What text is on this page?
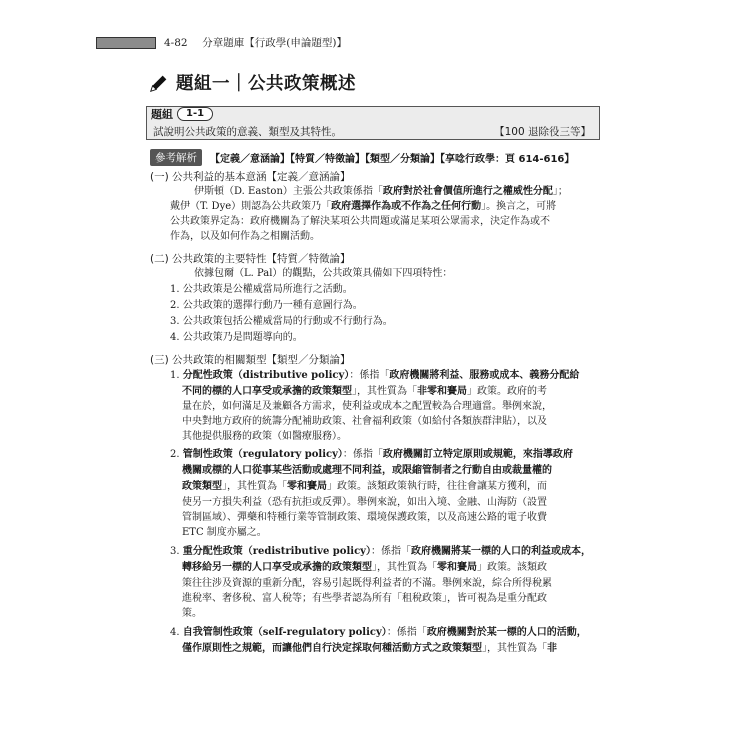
4-82 分章題庫【行政學(申論題型)】
題組一｜公共政策概述
題組	1-1
試說明公共政策的意義、類型及其特性。	【100 退除役三等】
參考解析	【定義／意涵論】【特質／特徵論】【類型／分類論】【享唸行政學：頁 614-616】
(一) 公共利益的基本意涵【定義／意涵論】
伊斯頓（D. Easton）主張公共政策係指「政府對於社會價值所進行之權威性分配」；
戴伊（T. Dye）則認為公共政策乃「政府選擇作為或不作為之任何行動」。換言之，可將
公共政策界定為：政府機關為了解決某項公共問題或滿足某項公眾需求，決定作為或不
作為，以及如何作為之相關活動。
(二) 公共政策的主要特性【特質／特徵論】
依據包爾（L. Pal）的觀點，公共政策具備如下四項特性：
1. 公共政策是公權威當局所進行之活動。
2. 公共政策的選擇行動乃一種有意圖行為。
3. 公共政策包括公權威當局的行動或不行動行為。
4. 公共政策乃是問題導向的。
(三) 公共政策的相關類型【類型／分類論】
1. 分配性政策（distributive policy）：係指「政府機關將利益、服務或成本、義務分配給
不同的標的人口享受或承擔的政策類型」，其性質為「非零和賽局」政策。政府的考
量在於，如何滿足及兼顧各方需求，使利益或成本之配置較為合理適當。舉例來說，
中央對地方政府的統籌分配補助政策、社會福利政策（如給付各類族群津貼），以及
其他提供服務的政策（如醫療服務）。
2. 管制性政策（regulatory policy）：係指「政府機關訂立特定原則或規範，來指導政府
機關或標的人口從事某些活動或處理不同利益，或限縮管制者之行動自由或裁量權的
政策類型」，其性質為「零和賽局」政策。該類政策執行時，往往會讓某方獲利，而
使另一方損失利益（恐有抗拒或反彈）。舉例來說，如出入境、金融、山海防（設置
管制區域）、彈藥和特種行業等管制政策、環境保護政策，以及高速公路的電子收費
ETC 制度亦屬之。
3. 重分配性政策（redistributive policy）：係指「政府機關將某一標的人口的利益或成本，
轉移給另一標的人口享受或承擔的政策類型」，其性質為「零和賽局」政策。該類政
策往往涉及資源的重新分配，容易引起既得利益者的不滿。舉例來說，綜合所得稅累
進稅率、奢侈稅、富人稅等；有些學者認為所有「租稅政策」，皆可視為是重分配政
策。
4. 自我管制性政策（self-regulatory policy）：係指「政府機關對於某一標的人口的活動，
僅作原則性之規範，而讓他們自行決定採取何種活動方式之政策類型」，其性質為「非
